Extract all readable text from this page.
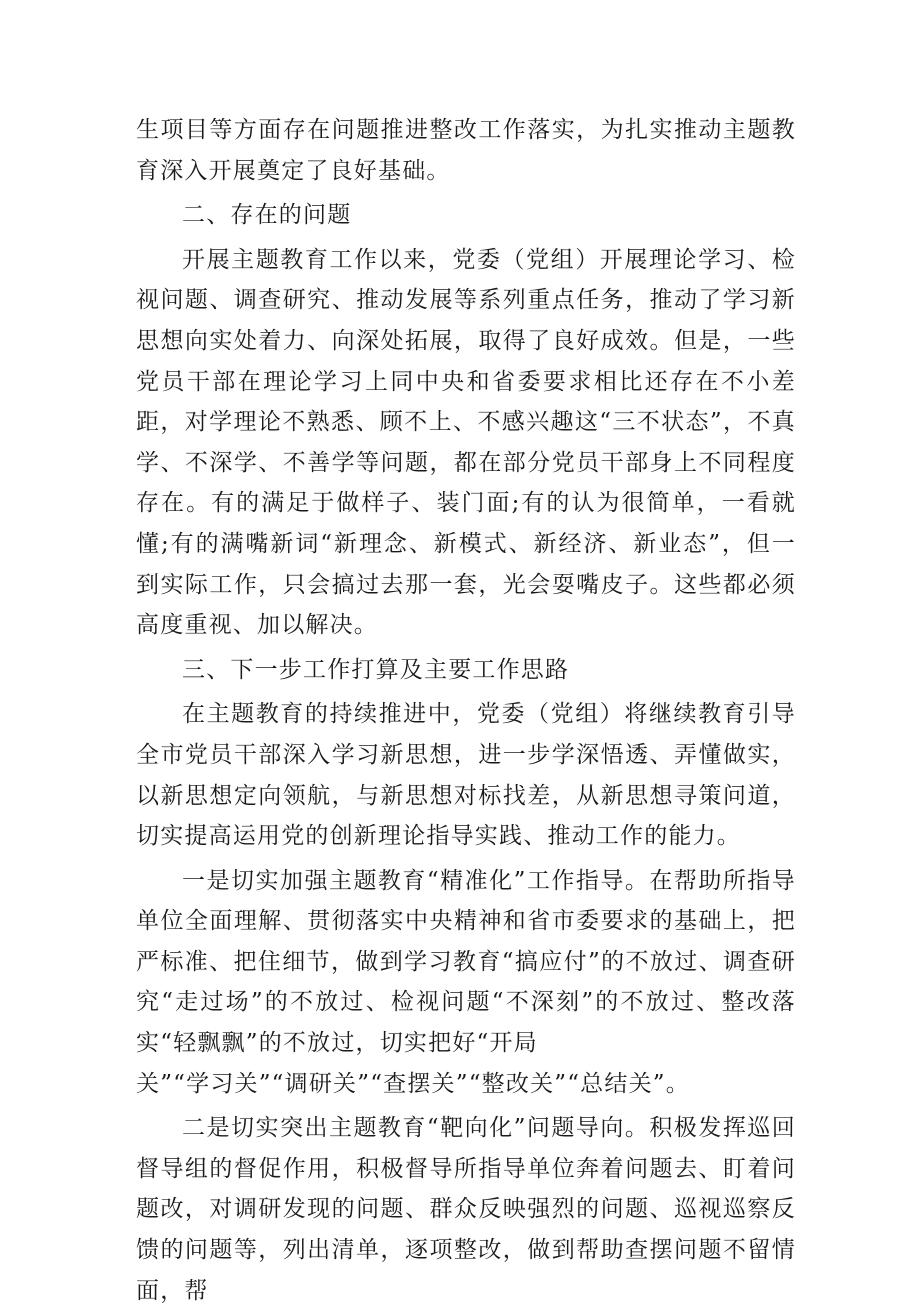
生项目等方面存在问题推进整改工作落实，为扎实推动主题教育深入开展奠定了良好基础。

二、存在的问题

开展主题教育工作以来，党委（党组）开展理论学习、检视问题、调查研究、推动发展等系列重点任务，推动了学习新思想向实处着力、向深处拓展，取得了良好成效。但是，一些党员干部在理论学习上同中央和省委要求相比还存在不小差距，对学理论不熟悉、顾不上、不感兴趣这“三不状态”，不真学、不深学、不善学等问题，都在部分党员干部身上不同程度存在。有的满足于做样子、装门面;有的认为很简单，一看就懂;有的满嘴新词“新理念、新模式、新经济、新业态”，但一到实际工作，只会搞过去那一套，光会耍嘴皮子。这些都必须高度重视、加以解决。

三、下一步工作打算及主要工作思路

在主题教育的持续推进中，党委（党组）将继续教育引导全市党员干部深入学习新思想，进一步学深悟透、弄懂做实，以新思想定向领航，与新思想对标找差，从新思想寻策问道，切实提高运用党的创新理论指导实践、推动工作的能力。

一是切实加强主题教育“精准化”工作指导。在帮助所指导单位全面理解、贯彻落实中央精神和省市委要求的基础上，把严标准、把住细节，做到学习教育“搞应付”的不放过、调查研究“走过场”的不放过、检视问题“不深刻”的不放过、整改落实“轻飘飘”的不放过，切实把好“开局

关”“学习关”“调研关”“查摆关”“整改关”“总结关”。

二是切实突出主题教育“靶向化”问题导向。积极发挥巡回督导组的督促作用，积极督导所指导单位奔着问题去、盯着问题改，对调研发现的问题、群众反映强烈的问题、巡视巡察反馈的问题等，列出清单，逐项整改，做到帮助查摆问题不留情面，帮
